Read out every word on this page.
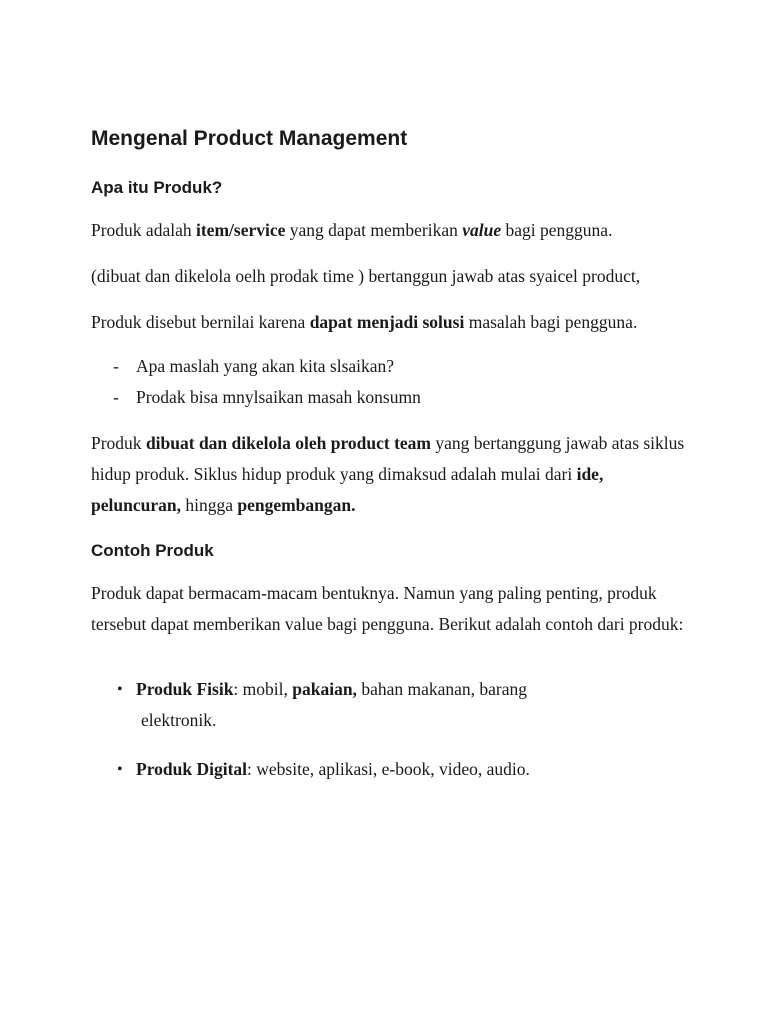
Mengenal Product Management
Apa itu Produk?

Produk adalah item/service yang dapat memberikan value bagi pengguna.

(dibuat dan dikelola oelh prodak time ) bertanggun jawab atas syaicel product,

Produk disebut bernilai karena dapat menjadi solusi masalah bagi pengguna.

- Apa maslah yang akan kita slsaikan?
- Prodak bisa mnylsaikan masah konsumn

Produk dibuat dan dikelola oleh product team yang bertanggung jawab atas siklus hidup produk. Siklus hidup produk yang dimaksud adalah mulai dari ide, peluncuran, hingga pengembangan.

Contoh Produk

Produk dapat bermacam-macam bentuknya. Namun yang paling penting, produk tersebut dapat memberikan value bagi pengguna. Berikut adalah contoh dari produk:

• Produk Fisik: mobil, pakaian, bahan makanan, barang
elektronik.
• Produk Digital: website, aplikasi, e-book, video, audio.
